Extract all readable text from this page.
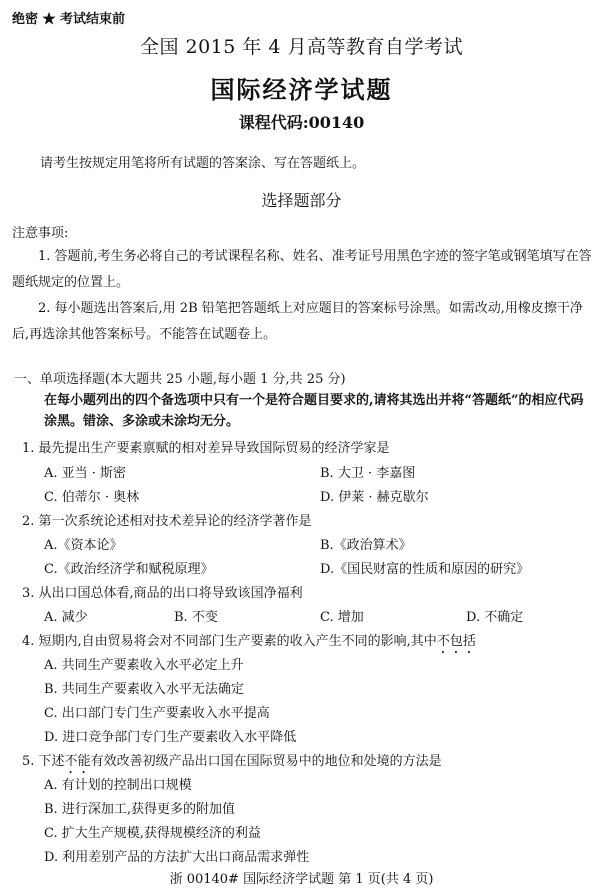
绝密 ★ 考试结束前
全国 2015 年 4 月高等教育自学考试
国际经济学试题
课程代码:00140
请考生按规定用笔将所有试题的答案涂、写在答题纸上。
选择题部分
注意事项:

1. 答题前,考生务必将自己的考试课程名称、姓名、准考证号用黑色字迹的签字笔或钢笔填写在答题纸规定的位置上。

2. 每小题选出答案后,用 2B 铅笔把答题纸上对应题目的答案标号涂黑。如需改动,用橡皮擦干净后,再选涂其他答案标号。不能答在试题卷上。

一、单项选择题(本大题共 25 小题,每小题 1 分,共 25 分)
在每小题列出的四个备选项中只有一个是符合题目要求的,请将其选出并将“答题纸”的相应代码涂黑。错涂、多涂或未涂均无分。
1. 最先提出生产要素禀赋的相对差异导致国际贸易的经济学家是
A. 亚当 · 斯密	B. 大卫 · 李嘉图
C. 伯蒂尔 · 奥林	D. 伊莱 · 赫克歇尔
2. 第一次系统论述相对技术差异论的经济学著作是
A.《资本论》	B.《政治算术》
C.《政治经济学和赋税原理》	D.《国民财富的性质和原因的研究》
3. 从出口国总体看,商品的出口将导致该国净福利
A. 减少	B. 不变	C. 增加	D. 不确定
4. 短期内,自由贸易将会对不同部门生产要素的收入产生不同的影响,其中不包括
A. 共同生产要素收入水平必定上升
B. 共同生产要素收入水平无法确定
C. 出口部门专门生产要素收入水平提高
D. 进口竞争部门专门生产要素收入水平降低
5. 下述不能有效改善初级产品出口国在国际贸易中的地位和处境的方法是
A. 有计划的控制出口规模
B. 进行深加工,获得更多的附加值
C. 扩大生产规模,获得规模经济的利益
D. 利用差别产品的方法扩大出口商品需求弹性
浙 00140# 国际经济学试题 第 1 页(共 4 页)
